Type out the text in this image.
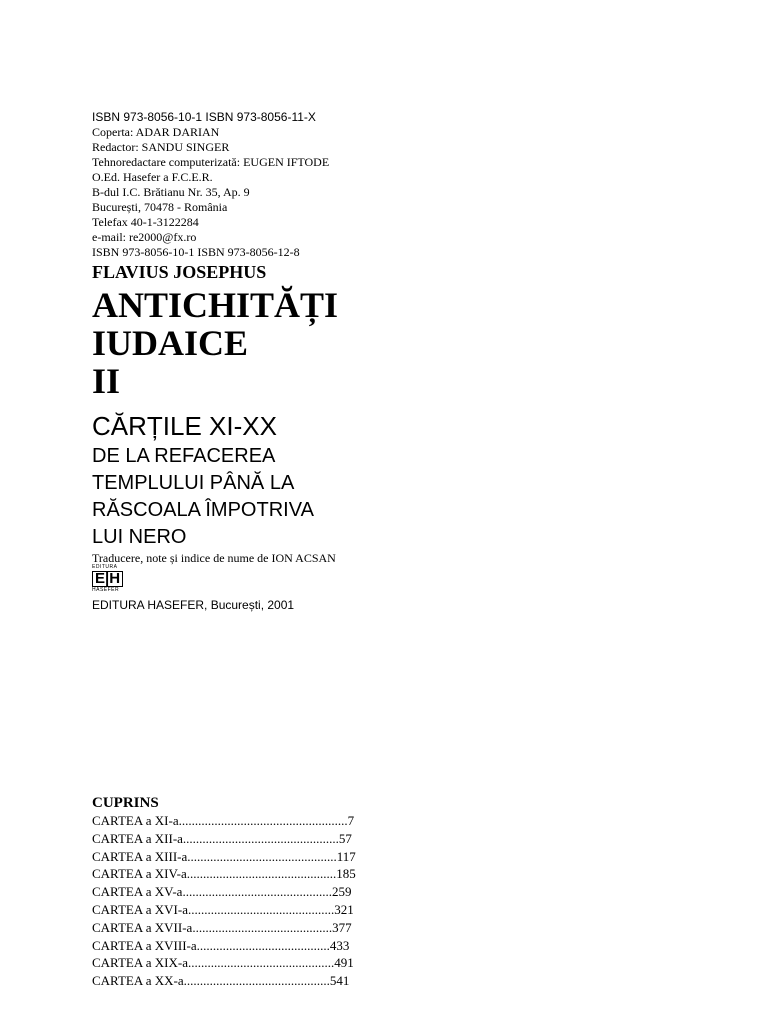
ISBN 973-8056-10-1 ISBN 973-8056-11-X
Coperta: ADAR DARIAN
Redactor: SANDU SINGER
Tehnoredactare computerizată: EUGEN IFTODE
O.Ed. Hasefer a F.C.E.R.
B-dul I.C. Brătianu Nr. 35, Ap. 9
București, 70478 - România
Telefax 40-1-3122284
e-mail: re2000@fx.ro
ISBN 973-8056-10-1 ISBN 973-8056-12-8
FLAVIUS JOSEPHUS
ANTICHITĂȚI
IUDAICE
II
CĂRȚILE XI-XX
DE LA REFACEREA
TEMPLULUI PÂNĂ LA
RĂSCOALA ÎMPOTRIVA
LUI NERO
Traducere, note și indice de nume de ION ACSAN
EDITURA
E|H
HASEFER
EDITURA HASEFER, București, 2001
CUPRINS
CARTEA a XI-a....................................................7
CARTEA a XII-a................................................57
CARTEA a XIII-a..............................................117
CARTEA a XIV-a..............................................185
CARTEA a XV-a..............................................259
CARTEA a XVI-a.............................................321
CARTEA a XVII-a...........................................377
CARTEA a XVIII-a.........................................433
CARTEA a XIX-a.............................................491
CARTEA a XX-a.............................................541
